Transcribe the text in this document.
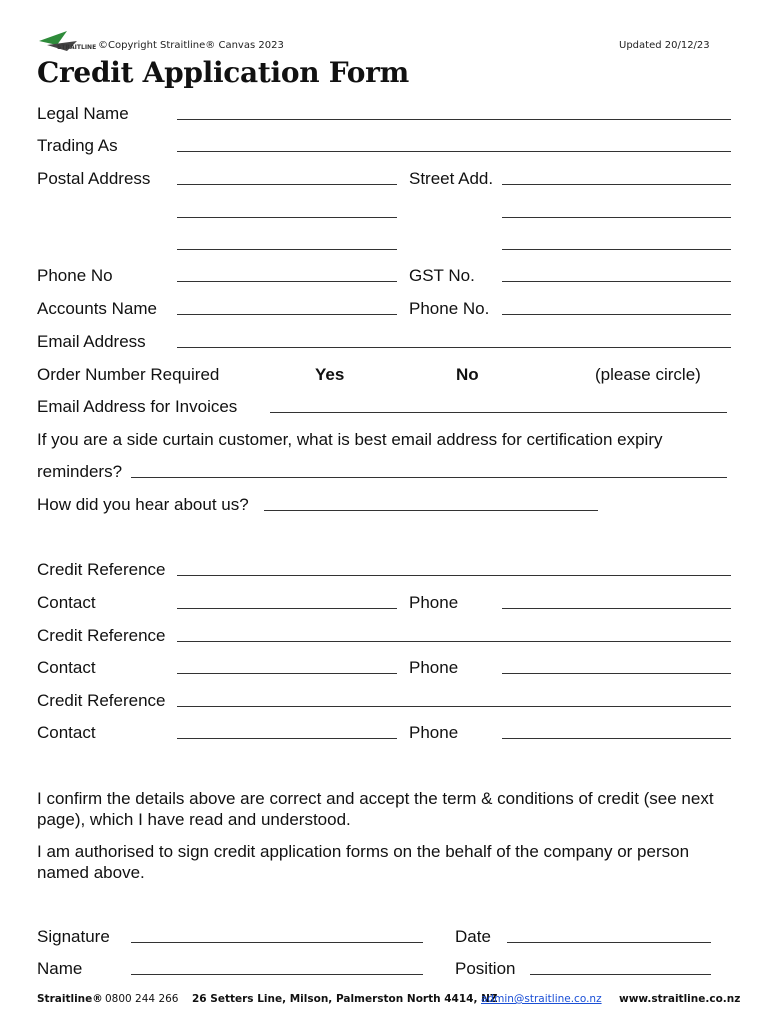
STRAITLINE ©Copyright Straitline® Canvas 2023	Updated 20/12/23
Credit Application Form
Legal Name
Trading As
Postal Address	Street Add.
Phone No	GST No.
Accounts Name	Phone No.
Email Address
Order Number Required	Yes	No	(please circle)
Email Address for Invoices
If you are a side curtain customer, what is best email address for certification expiry
reminders?
How did you hear about us?
Credit Reference
Contact	Phone
Credit Reference
Contact	Phone
Credit Reference
Contact	Phone
I confirm the details above are correct and accept the term & conditions of credit (see next page), which I have read and understood.
I am authorised to sign credit application forms on the behalf of the company or person named above.
Signature	Date
Name	Position
Straitline® 0800 244 266 26 Setters Line, Milson, Palmerston North 4414, NZ
admin@straitline.co.nz www.straitline.co.nz
